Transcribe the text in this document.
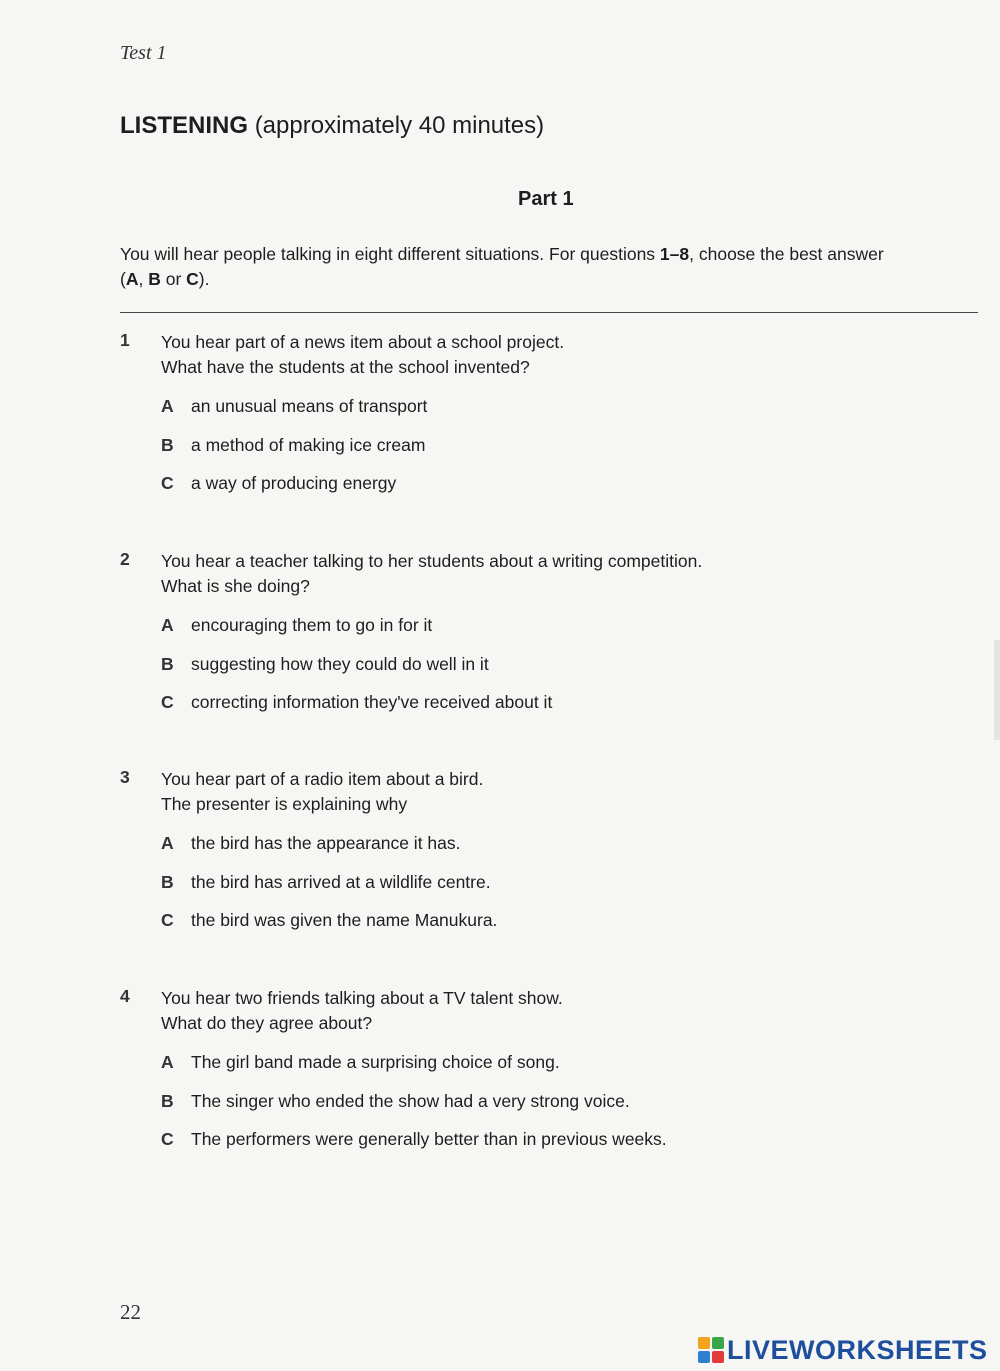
Test 1
LISTENING (approximately 40 minutes)
Part 1
You will hear people talking in eight different situations. For questions 1–8, choose the best answer
(A, B or C).
1 You hear part of a news item about a school project.
What have the students at the school invented?
A an unusual means of transport
B a method of making ice cream
C a way of producing energy
2 You hear a teacher talking to her students about a writing competition.
What is she doing?
A encouraging them to go in for it
B suggesting how they could do well in it
C correcting information they've received about it
3 You hear part of a radio item about a bird.
The presenter is explaining why
A the bird has the appearance it has.
B the bird has arrived at a wildlife centre.
C the bird was given the name Manukura.
4 You hear two friends talking about a TV talent show.
What do they agree about?
A The girl band made a surprising choice of song.
B The singer who ended the show had a very strong voice.
C The performers were generally better than in previous weeks.
22
LIVEWORKSHEETS
